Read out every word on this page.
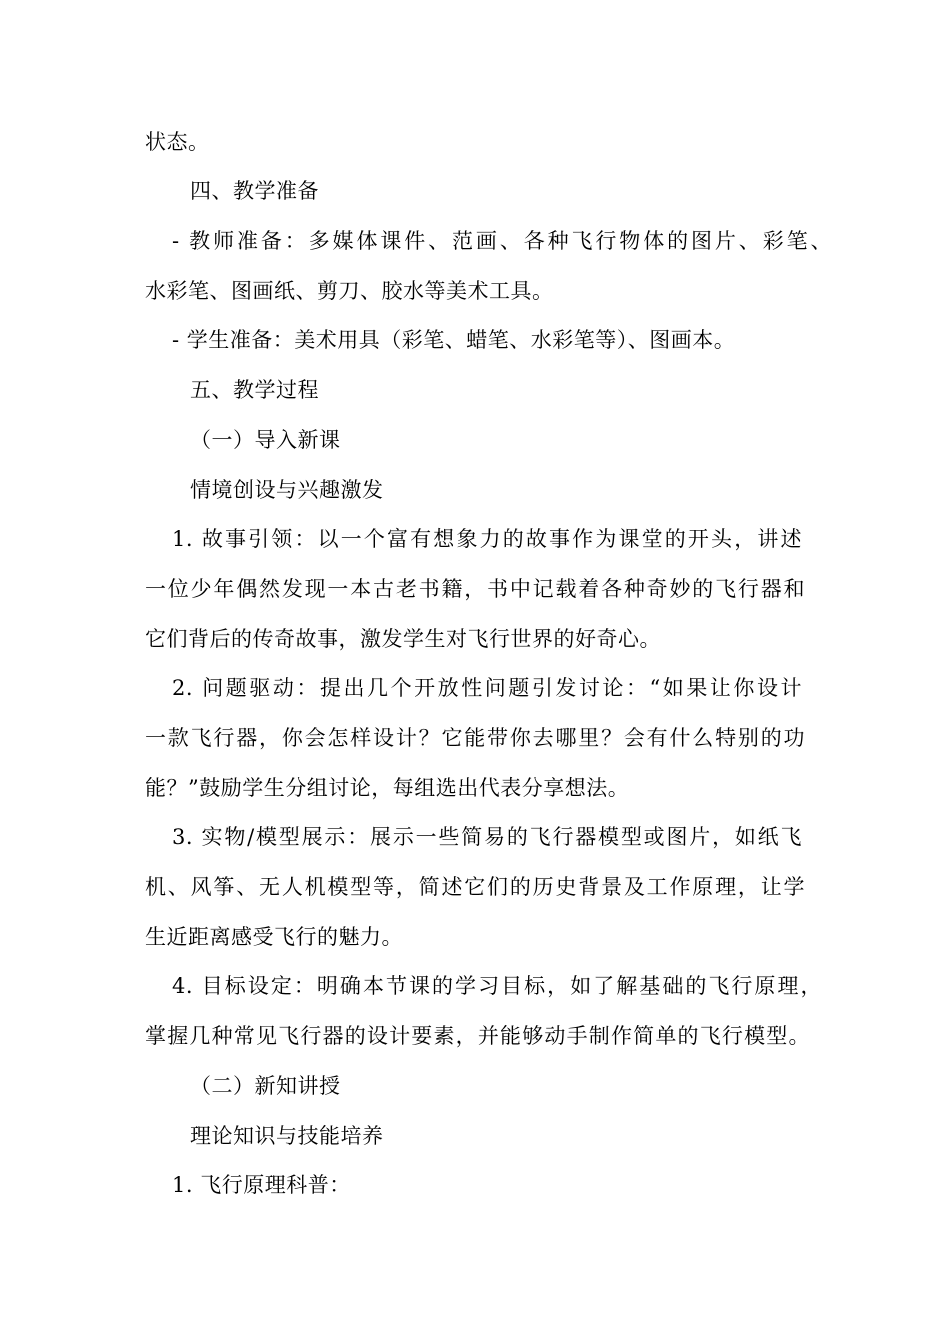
状态。
四、教学准备
- 教师准备：多媒体课件、范画、各种飞行物体的图片、彩笔、
水彩笔、图画纸、剪刀、胶水等美术工具。
- 学生准备：美术用具（彩笔、蜡笔、水彩笔等）、图画本。
五、教学过程
（一）导入新课
情境创设与兴趣激发
1. 故事引领：以一个富有想象力的故事作为课堂的开头，讲述
一位少年偶然发现一本古老书籍，书中记载着各种奇妙的飞行器和
它们背后的传奇故事，激发学生对飞行世界的好奇心。
2. 问题驱动：提出几个开放性问题引发讨论：“如果让你设计
一款飞行器，你会怎样设计？它能带你去哪里？会有什么特别的功
能？”鼓励学生分组讨论，每组选出代表分享想法。
3. 实物/模型展示：展示一些简易的飞行器模型或图片，如纸飞
机、风筝、无人机模型等，简述它们的历史背景及工作原理，让学
生近距离感受飞行的魅力。
4. 目标设定：明确本节课的学习目标，如了解基础的飞行原理，
掌握几种常见飞行器的设计要素，并能够动手制作简单的飞行模型。
（二）新知讲授
理论知识与技能培养
1. 飞行原理科普：
